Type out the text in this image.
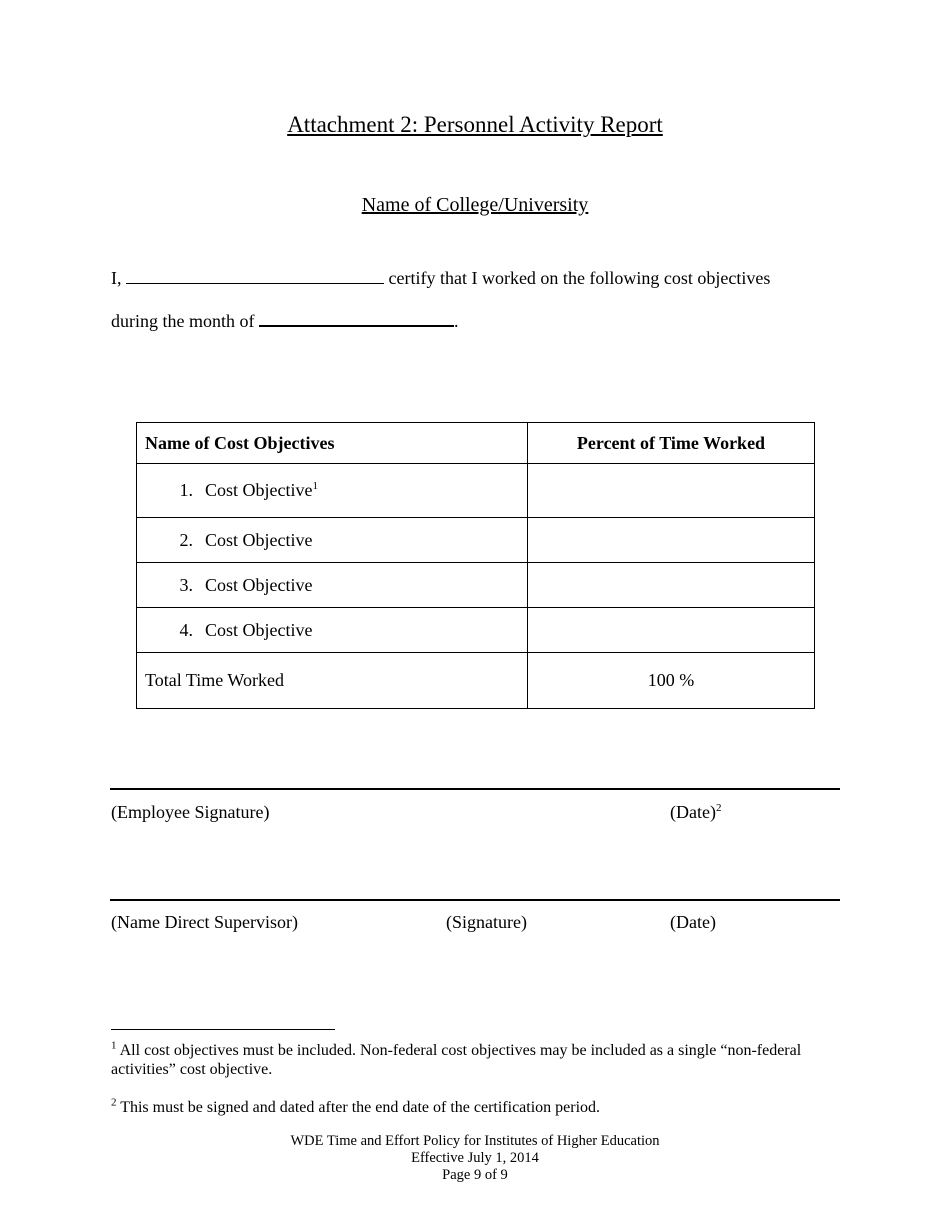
Attachment 2: Personnel Activity Report
Name of College/University
I,	certify that I worked on the following cost objectives
during the month of	.
Name of Cost Objectives	Percent of Time Worked
1. Cost Objective$^1$	
2. Cost Objective	
3. Cost Objective	
4. Cost Objective	
Total Time Worked	100 %
(Employee Signature)	(Date)$^2$
(Name Direct Supervisor)	(Signature)	(Date)
$^1$ All cost objectives must be included. Non-federal cost objectives may be included as a single “non-federal activities” cost objective.
$^2$ This must be signed and dated after the end date of the certification period.
WDE Time and Effort Policy for Institutes of Higher Education
Effective July 1, 2014
Page 9 of 9
